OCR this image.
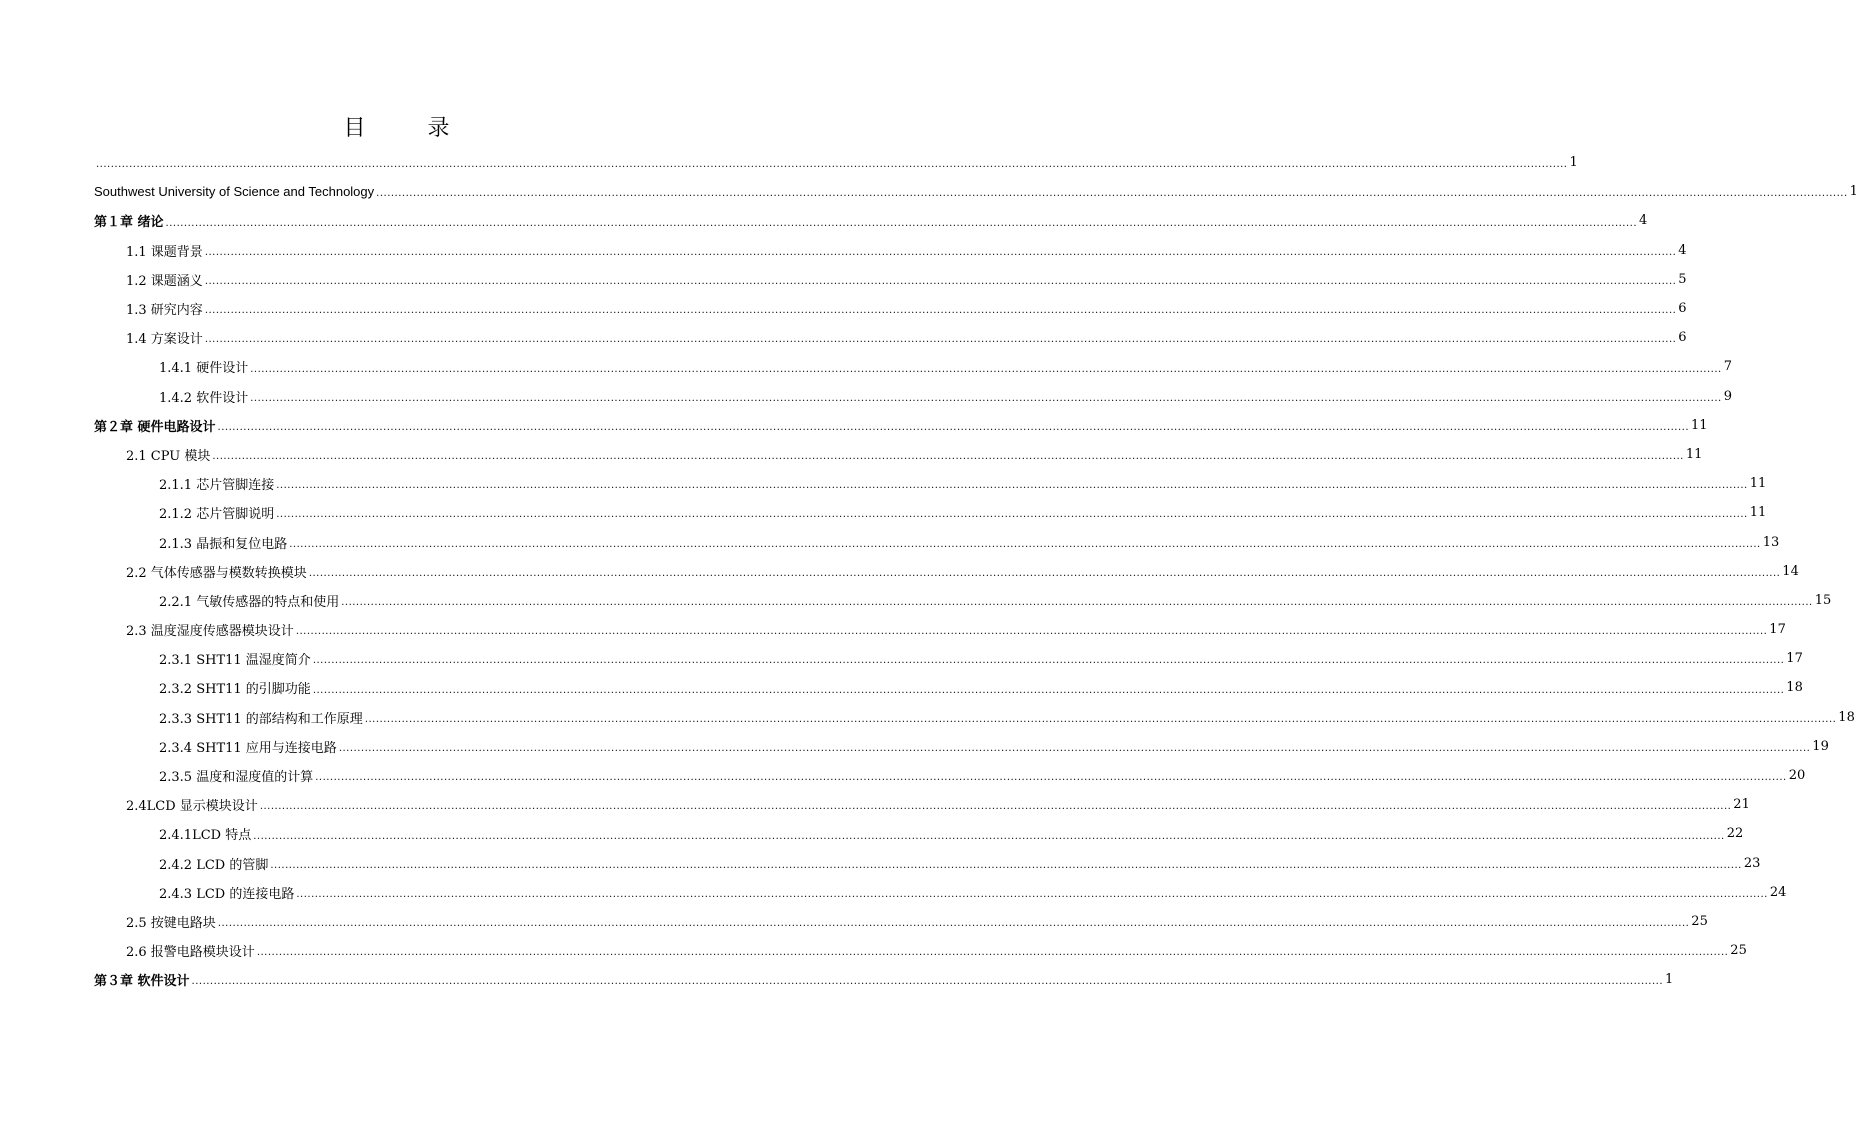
目　录
................................................................................................................................................................................................................................................................................................................................................................................................................ 1
Southwest University of Science and Technology ................................................................................................................................................................................................................................................................................................................................................................................................................ 1
第１章 绪论 ................................................................................................................................................................................................................................................................................................................................................................................................................ 4
1.1 课题背景 ................................................................................................................................................................................................................................................................................................................................................................................................................ 4
1.2 课题涵义 ................................................................................................................................................................................................................................................................................................................................................................................................................ 5
1.3 研究内容 ................................................................................................................................................................................................................................................................................................................................................................................................................ 6
1.4 方案设计 ................................................................................................................................................................................................................................................................................................................................................................................................................ 6
1.4.1 硬件设计 ................................................................................................................................................................................................................................................................................................................................................................................................................ 7
1.4.2 软件设计 ................................................................................................................................................................................................................................................................................................................................................................................................................ 9
第２章 硬件电路设计 ................................................................................................................................................................................................................................................................................................................................................................................................................ 11
2.1 CPU 模块 ................................................................................................................................................................................................................................................................................................................................................................................................................ 11
2.1.1 芯片管脚连接 ................................................................................................................................................................................................................................................................................................................................................................................................................ 11
2.1.2 芯片管脚说明 ................................................................................................................................................................................................................................................................................................................................................................................................................ 11
2.1.3 晶振和复位电路 ................................................................................................................................................................................................................................................................................................................................................................................................................ 13
2.2 气体传感器与模数转换模块 ................................................................................................................................................................................................................................................................................................................................................................................................................ 14
2.2.1 气敏传感器的特点和使用 ................................................................................................................................................................................................................................................................................................................................................................................................................ 15
2.3 温度湿度传感器模块设计 ................................................................................................................................................................................................................................................................................................................................................................................................................ 17
2.3.1 SHT11 温湿度简介 ................................................................................................................................................................................................................................................................................................................................................................................................................ 17
2.3.2 SHT11 的引脚功能 ................................................................................................................................................................................................................................................................................................................................................................................................................ 18
2.3.3 SHT11 的部结构和工作原理 ................................................................................................................................................................................................................................................................................................................................................................................................................ 18
2.3.4 SHT11 应用与连接电路 ................................................................................................................................................................................................................................................................................................................................................................................................................ 19
2.3.5 温度和湿度值的计算 ................................................................................................................................................................................................................................................................................................................................................................................................................ 20
2.4LCD 显示模块设计 ................................................................................................................................................................................................................................................................................................................................................................................................................ 21
2.4.1LCD 特点 ................................................................................................................................................................................................................................................................................................................................................................................................................ 22
2.4.2 LCD 的管脚 ................................................................................................................................................................................................................................................................................................................................................................................................................ 23
2.4.3 LCD 的连接电路 ................................................................................................................................................................................................................................................................................................................................................................................................................ 24
2.5 按键电路块 ................................................................................................................................................................................................................................................................................................................................................................................................................ 25
2.6 报警电路模块设计 ................................................................................................................................................................................................................................................................................................................................................................................................................ 25
第３章 软件设计 ................................................................................................................................................................................................................................................................................................................................................................................................................ 1
